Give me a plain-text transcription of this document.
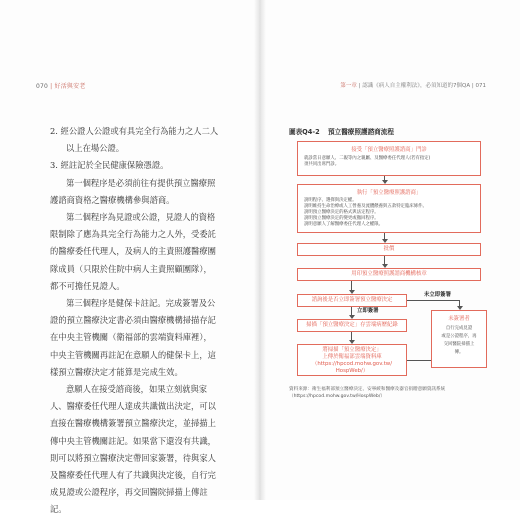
070 | 好活與安老	第一章 | 認識《病人自主權利法》，必須知道的7個QA | 071

2. 經公證人公證或有具完全行為能力之人二人以上在場公證。

3. 經註記於全民健康保險憑證。

第一個程序是必須前往有提供預立醫療照護諮商資格之醫療機構參與諮商。

第二個程序為見證或公證，見證人的資格限制除了應為具完全行為能力之人外，受委託的醫療委任代理人，及病人的主責照護醫療團隊成員（只限於住院中病人主責照顧團隊），都不可擔任見證人。

第三個程序是健保卡註記。完成簽署及公證的預立醫療決定書必須由醫療機構掃描存記在中央主管機關（衛福部的雲端資料庫裡），中央主管機關再註記在意願人的健保卡上，這樣預立醫療決定才能算是完成生效。

意願人在接受諮商後，如果立刻就與家人、醫療委任代理人達成共識做出決定，可以直接在醫療機構簽署預立醫療決定，並掃描上傳中央主管機關註記。如果當下還沒有共識，則可以將預立醫療決定帶回家簽署，待與家人及醫療委任代理人有了共識與決定後，自行完成見證或公證程序，再交回醫院掃描上傳註記。

圖表Q4-2 預立醫療照護諮商流程
接受「預立醫療照護諮商」門診
就診當日意願人、二親等內之親屬、及醫療委任代理人(若有指定)
須共同出席門診。
執行「預立醫療照護諮商」
說明程序、選擇與決定權。
說明維持生命治療或人工營養及流體餵養與五款特定臨床條件。
說明預立醫療決定的格式與法定程序。
說明預立醫療決定的變更或撤回程序。
說明意願人了解醫療委任代理人之權限。
批價
用印預立醫療照護諮商機構核章
諮詢後是否立即簽署預立醫療決定
未立即簽署
未簽署者
自行完成見證
或是公證程序，再
交回醫院掃描上
傳。
立即簽署
掃描「預立醫療決定」存雲端病歷紀錄
將掃描「預立醫療決定」
上傳於衛福部雲端資料庫
（https://hpcod.mohw.gov.tw/
HospWeb/）
資料來源：衛生福利部預立醫療決定、安寧緩和醫療及器官捐贈意願資訊系統
（https://hpcod.mohw.gov.tw/HospWeb/）
